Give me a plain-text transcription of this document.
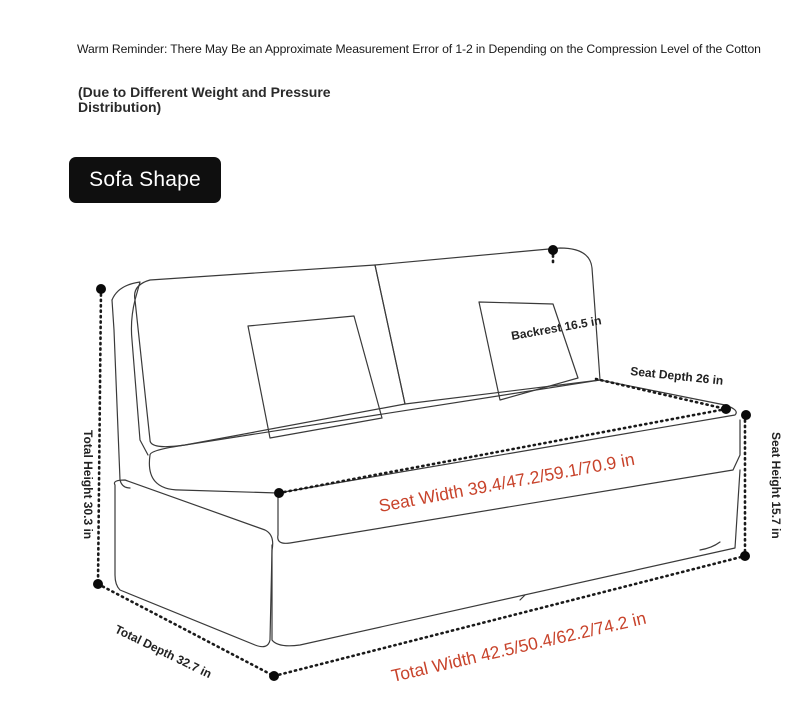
Warm Reminder: There May Be an Approximate Measurement Error of 1-2 in Depending on the Compression Level of the Cotton
(Due to Different Weight and Pressure Distribution)
Sofa Shape
Backrest 16.5 in
Seat Depth 26 in
Total Height 30.3 in	Seat Height 15.7 in
Seat Width 39.4/47.2/59.1/70.9 in
Total Depth 32.7 in	Total Width 42.5/50.4/62.2/74.2 in
